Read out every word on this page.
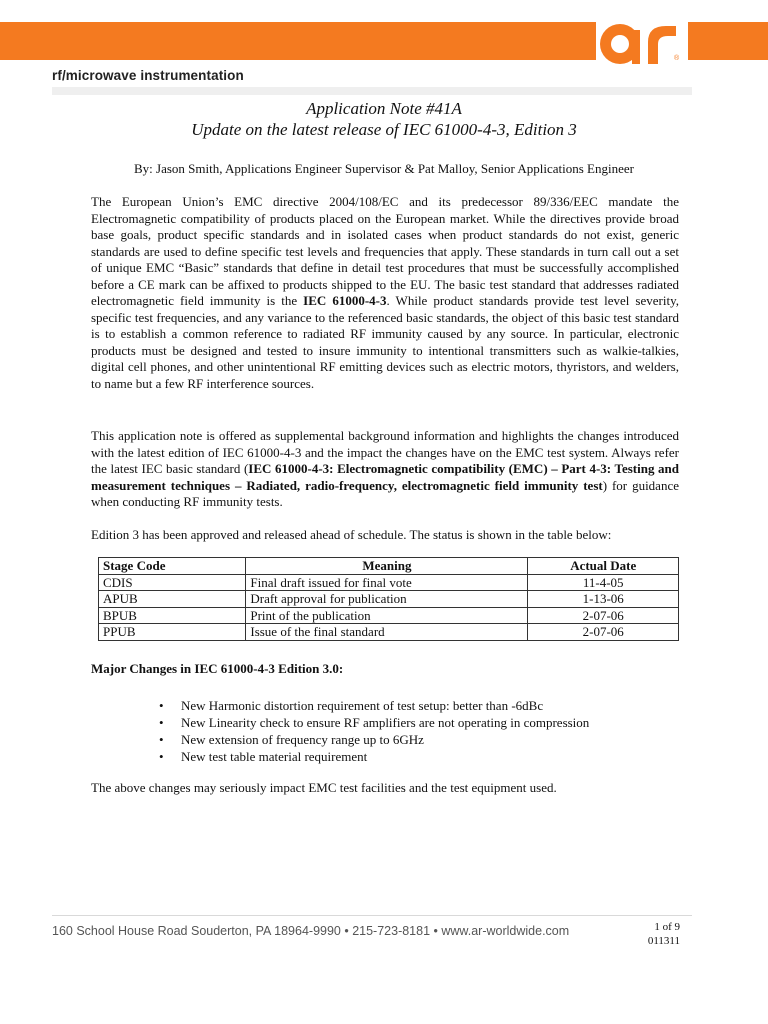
®
rf/microwave instrumentation
Application Note #41A
Update on the latest release of IEC 61000-4-3, Edition 3
By: Jason Smith, Applications Engineer Supervisor & Pat Malloy, Senior Applications Engineer

The European Union’s EMC directive 2004/108/EC and its predecessor 89/336/EEC mandate the Electromagnetic compatibility of products placed on the European market. While the directives provide broad base goals, product specific standards and in isolated cases when product standards do not exist, generic standards are used to define specific test levels and frequencies that apply. These standards in turn call out a set of unique EMC “Basic” standards that define in detail test procedures that must be successfully accomplished before a CE mark can be affixed to products shipped to the EU. The basic test standard that addresses radiated electromagnetic field immunity is the IEC 61000-4-3. While product standards provide test level severity, specific test frequencies, and any variance to the referenced basic standards, the object of this basic test standard is to establish a common reference to radiated RF immunity caused by any source. In particular, electronic products must be designed and tested to insure immunity to intentional transmitters such as walkie-talkies, digital cell phones, and other unintentional RF emitting devices such as electric motors, thyristors, and welders, to name but a few RF interference sources.

This application note is offered as supplemental background information and highlights the changes introduced with the latest edition of IEC 61000-4-3 and the impact the changes have on the EMC test system. Always refer the latest IEC basic standard (IEC 61000-4-3: Electromagnetic compatibility (EMC) – Part 4-3: Testing and measurement techniques – Radiated, radio-frequency, electromagnetic field immunity test) for guidance when conducting RF immunity tests.

Edition 3 has been approved and released ahead of schedule. The status is shown in the table below:

Stage Code	Meaning	Actual Date
CDIS	Final draft issued for final vote	11-4-05
APUB	Draft approval for publication	1-13-06
BPUB	Print of the publication	2-07-06
PPUB	Issue of the final standard	2-07-06
Major Changes in IEC 61000-4-3 Edition 3.0:
• New Harmonic distortion requirement of test setup: better than -6dBc
• New Linearity check to ensure RF amplifiers are not operating in compression
• New extension of frequency range up to 6GHz
• New test table material requirement
The above changes may seriously impact EMC test facilities and the test equipment used.
160 School House Road Souderton, PA 18964-9990 • 215-723-8181 • www.ar-worldwide.com	1 of 9
011311
